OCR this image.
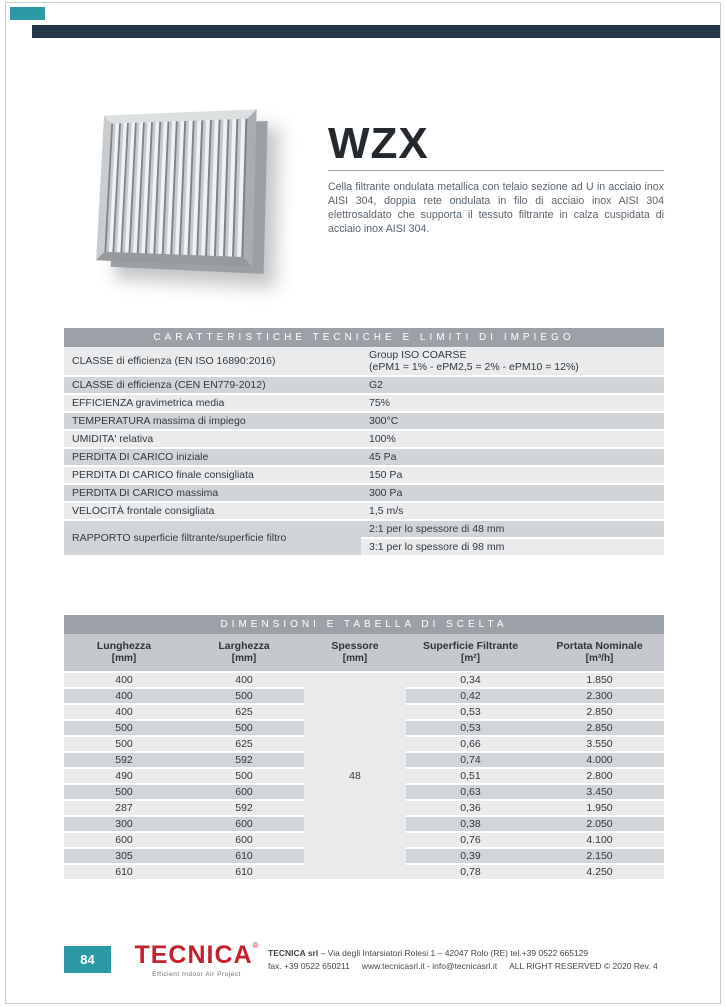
WZX

Cella filtrante ondulata metallica con telaio sezione ad U in acciaio inox AISI 304, doppia rete ondulata in filo di acciaio inox AISI 304 elettrosaldato che supporta il tessuto filtrante in calza cuspidata di acciaio inox AISI 304.

CARATTERISTICHE TECNICHE E LIMITI DI IMPIEGO
CLASSE di efficienza (EN ISO 16890:2016)	Group ISO COARSE
(ePM1 = 1% - ePM2,5 = 2% - ePM10 = 12%)

CLASSE di efficienza (CEN EN779-2012)	G2

EFFICIENZA gravimetrica media	75%

TEMPERATURA massima di impiego	300°C

UMIDITA' relativa	100%

PERDITA DI CARICO iniziale	45 Pa

PERDITA DI CARICO finale consigliata	150 Pa

PERDITA DI CARICO massima	300 Pa

VELOCITÀ frontale consigliata	1,5 m/s

RAPPORTO superficie filtrante/superficie filtro	2:1 per lo spessore di 48 mm
	3:1 per lo spessore di 98 mm
DIMENSIONI E TABELLA DI SCELTA
Lunghezza
[mm]

Larghezza
[mm]

Spessore
[mm]

Superficie Filtrante
[m²]

Portata Nominale
[m³/h]

400	400	48	0,34	1.850
400	500		0,42	2.300
400	625		0,53	2.850
500	500		0,53	2.850
500	625		0,66	3.550
592	592		0,74	4.000
490	500		0,51	2.800
500	600		0,63	3.450
287	592		0,36	1.950
300	600		0,38	2.050
600	600		0,76	4.100
305	610		0,39	2.150
610	610		0,78	4.250
84	TECNICA®
Efficient Indoor Air Project
TECNICA srl – Via degli Intarsiatori Rolesi 1 – 42047 Rolo (RE) tel.+39 0522 665129
fax. +39 0522 650211 www.tecnicasrl.it - info@tecnicasrl.it ALL RIGHT RESERVED © 2020 Rev. 4
